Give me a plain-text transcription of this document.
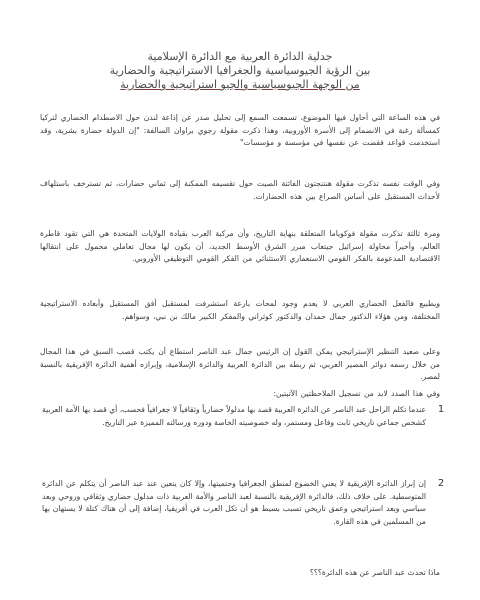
جدلية الدائرة العربية مع الدائرة الإسلامية
بين الرؤية الجيوسياسية والجغرافيا الاستراتيجية والحضارية
من الوجهة الجيوسياسية والجيو استراتيجية والحضارية
في هذه الساعة التي أحاول فيها الموضوع، تسمعت السمع إلى تحليل صدر عن إذاعة لندن حول الاصطدام الحضاري لتركيا كمسألة رغبة في الانضمام إلى الأسرة الأوروبية، وهذا ذكرت مقولة رجوي براوان السالفة: "إن الدولة حضارة بشرية، وقد استخدمت قواعد فقضت عن نفسها في مؤسسة و مؤسسات"
وفي الوقت نفسه تذكرت مقولة هنتنجتون الفائتة الصيت حول تقسيمه الممكنة إلى ثماني حضارات، ثم تسترخف باستلهاف لأحداث المستقبل على أساس الصراع بين هذه الحضارات.
ومرة ثالثة تذكرت مقولة فوكوياما المتعلقة بنهاية التاريخ، وأن مركبة العرب بقيادة الولايات المتحدة هي التي تقود قاطرة العالم، وأخيراً محاولة إسرائيل جيتعاب مبرر الشرق الأوسط الجديد، أن يكون لها مجال تعاملي محمول على انتقالها الاقتصادية المدعومة بالفكر القومي الاستعماري الاستثنائي من الفكر القومي التوظيفي الأوروبي.
ويطبيع فالفعل الحضاري العربي لا يعدم وجود لمحات بارعة استشرفت لمستقبل أفق المستقبل وأبعاده الاستراتيجية المختلفة، ومن هؤلاء الدكتور جمال حمدان والدكتور كوثراني والمفكر الكبير مالك بن نبي، وسواهم.
وعلى صعيد التنظير الإستراتيجي يمكن القول إن الرئيس جمال عبد الناصر استطاع أن يكتب قصب السبق في هذا المجال من خلال رسمه دوائر المصير العربي، ثم ربطه بين الدائرة العربية والدائرة الإسلامية، وإبرازه أهمية الدائرة الإفريقية بالنسبة لمصر.
وفي هذا الصدد لابد من تسجيل الملاحظتين الآتيتين:
1
عندما تكلم الراحل عبد الناصر عن الدائرة العربية قصد بها مدلولاً حضارياً وثقافياً لا جغرافياً فحسب، أي قصد بها الأمة العربية كشخص جماعي تاريخي ثابت وفاعل ومستمر، وله خصوصيته الخاصة ودوره ورسالته المميزة عبر التاريخ.
2
إن إبراز الدائرة الإفريقية لا يعني الخضوع لمنطق الجغرافيا وحتميتها، وإلا كان يتعين عند عبد الناصر أن يتكلم عن الدائرة المتوسطية. على خلاف ذلك، فالدائرة الإفريقية بالنسبة لعبد الناصر والأمة العربية ذات مدلول حضاري وثقافي وروحي وبعد سياسي وبعد استراتيجي وعمق تاريخي تسبب بسيط هو أن تكل العرب في أفريقيا، إضافة إلى أن هناك كتلة لا يستهان بها من المسلمين في هذه القارة.
ماذا تحدث عبد الناصر عن هذه الدائرة؟؟؟
